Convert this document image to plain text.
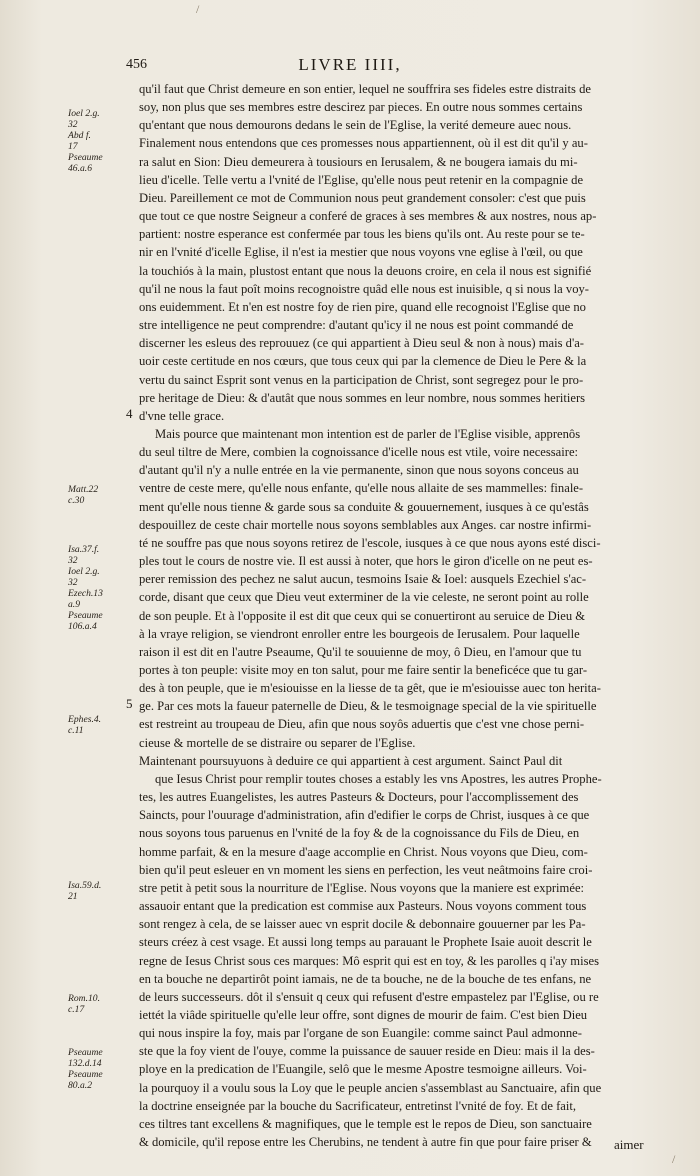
456	LIVRE IIII,
Ioel 2.g.
32
Abd f.
17
Pseaume
46.a.6
Matt.22
c.30
Isa.37.f.
32
Ioel 2.g.
32
Ezech.13
a.9
Pseaume
106.a.4
Ephes.4.
c.11
Isa.59.d.
21
Rom.10.
c.17
Pseaume
132.d.14
Pseaume
80.a.2
4
5
qu'il faut que Christ demeure en son entier, lequel ne souffrira ses fideles estre distraits de
soy, non plus que ses membres estre descirez par pieces. En outre nous sommes certains
qu'entant que nous demourons dedans le sein de l'Eglise, la verité demeure auec nous.
Finalement nous entendons que ces promesses nous appartiennent, où il est dit qu'il y au-
ra salut en Sion: Dieu demeurera à tousiours en Ierusalem, & ne bougera iamais du mi-
lieu d'icelle. Telle vertu a l'vnité de l'Eglise, qu'elle nous peut retenir en la compagnie de
Dieu. Pareillement ce mot de Communion nous peut grandement consoler: c'est que puis
que tout ce que nostre Seigneur a conferé de graces à ses membres & aux nostres, nous ap-
partient: nostre esperance est confermée par tous les biens qu'ils ont. Au reste pour se te-
nir en l'vnité d'icelle Eglise, il n'est ia mestier que nous voyons vne eglise à l'œil, ou que
la touchiós à la main, plustost entant que nous la deuons croire, en cela il nous est signifié
qu'il ne nous la faut poît moins recognoistre quâd elle nous est inuisible, q si nous la voy-
ons euidemment. Et n'en est nostre foy de rien pire, quand elle recognoist l'Eglise que no
stre intelligence ne peut comprendre: d'autant qu'icy il ne nous est point commandé de
discerner les esleus des reprouuez (ce qui appartient à Dieu seul & non à nous) mais d'a-
uoir ceste certitude en nos cœurs, que tous ceux qui par la clemence de Dieu le Pere & la
vertu du sainct Esprit sont venus en la participation de Christ, sont segregez pour le pro-
pre heritage de Dieu: & d'autât que nous sommes en leur nombre, nous sommes heritiers
d'vne telle grace.
Mais pource que maintenant mon intention est de parler de l'Eglise visible, apprenôs
du seul tiltre de Mere, combien la cognoissance d'icelle nous est vtile, voire necessaire:
d'autant qu'il n'y a nulle entrée en la vie permanente, sinon que nous soyons conceus au
ventre de ceste mere, qu'elle nous enfante, qu'elle nous allaite de ses mammelles: finale-
ment qu'elle nous tienne & garde sous sa conduite & gouuernement, iusques à ce qu'estâs
despouillez de ceste chair mortelle nous soyons semblables aux Anges. car nostre infirmi-
té ne souffre pas que nous soyons retirez de l'escole, iusques à ce que nous ayons esté disci-
ples tout le cours de nostre vie. Il est aussi à noter, que hors le giron d'icelle on ne peut es-
perer remission des pechez ne salut aucun, tesmoins Isaie & Ioel: ausquels Ezechiel s'ac-
corde, disant que ceux que Dieu veut exterminer de la vie celeste, ne seront point au rolle
de son peuple. Et à l'opposite il est dit que ceux qui se conuertiront au seruice de Dieu &
à la vraye religion, se viendront enroller entre les bourgeois de Ierusalem. Pour laquelle
raison il est dit en l'autre Pseaume, Qu'il te souuienne de moy, ô Dieu, en l'amour que tu
portes à ton peuple: visite moy en ton salut, pour me faire sentir la beneficéce que tu gar-
des à ton peuple, que ie m'esiouisse en la liesse de ta gêt, que ie m'esiouisse auec ton herita-
ge. Par ces mots la faueur paternelle de Dieu, & le tesmoignage special de la vie spirituelle
est restreint au troupeau de Dieu, afin que nous soyôs aduertis que c'est vne chose perni-
cieuse & mortelle de se distraire ou separer de l'Eglise.
Maintenant poursuyuons à deduire ce qui appartient à cest argument. Sainct Paul dit
que Iesus Christ pour remplir toutes choses a estably les vns Apostres, les autres Prophe-
tes, les autres Euangelistes, les autres Pasteurs & Docteurs, pour l'accomplissement des
Saincts, pour l'ouurage d'administration, afin d'edifier le corps de Christ, iusques à ce que
nous soyons tous paruenus en l'vnité de la foy & de la cognoissance du Fils de Dieu, en
homme parfait, & en la mesure d'aage accomplie en Christ. Nous voyons que Dieu, com-
bien qu'il peut esleuer en vn moment les siens en perfection, les veut neâtmoins faire croi-
stre petit à petit sous la nourriture de l'Eglise. Nous voyons que la maniere est exprimée:
assauoir entant que la predication est commise aux Pasteurs. Nous voyons comment tous
sont rengez à cela, de se laisser auec vn esprit docile & debonnaire gouuerner par les Pa-
steurs créez à cest vsage. Et aussi long temps au parauant le Prophete Isaie auoit descrit le
regne de Iesus Christ sous ces marques: Mô esprit qui est en toy, & les parolles q i'ay mises
en ta bouche ne departirôt point iamais, ne de ta bouche, ne de la bouche de tes enfans, ne
de leurs successeurs. dôt il s'ensuit q ceux qui refusent d'estre empastelez par l'Eglise, ou re
iettét la viâde spirituelle qu'elle leur offre, sont dignes de mourir de faim. C'est bien Dieu
qui nous inspire la foy, mais par l'organe de son Euangile: comme sainct Paul admonne-
ste que la foy vient de l'ouye, comme la puissance de sauuer reside en Dieu: mais il la des-
ploye en la predication de l'Euangile, selô que le mesme Apostre tesmoigne ailleurs. Voi-
la pourquoy il a voulu sous la Loy que le peuple ancien s'assemblast au Sanctuaire, afin que
la doctrine enseignée par la bouche du Sacrificateur, entretinst l'vnité de foy. Et de fait,
ces tiltres tant excellens & magnifiques, que le temple est le repos de Dieu, son sanctuaire
& domicile, qu'il repose entre les Cherubins, ne tendent à autre fin que pour faire priser &	aimer
/
/
